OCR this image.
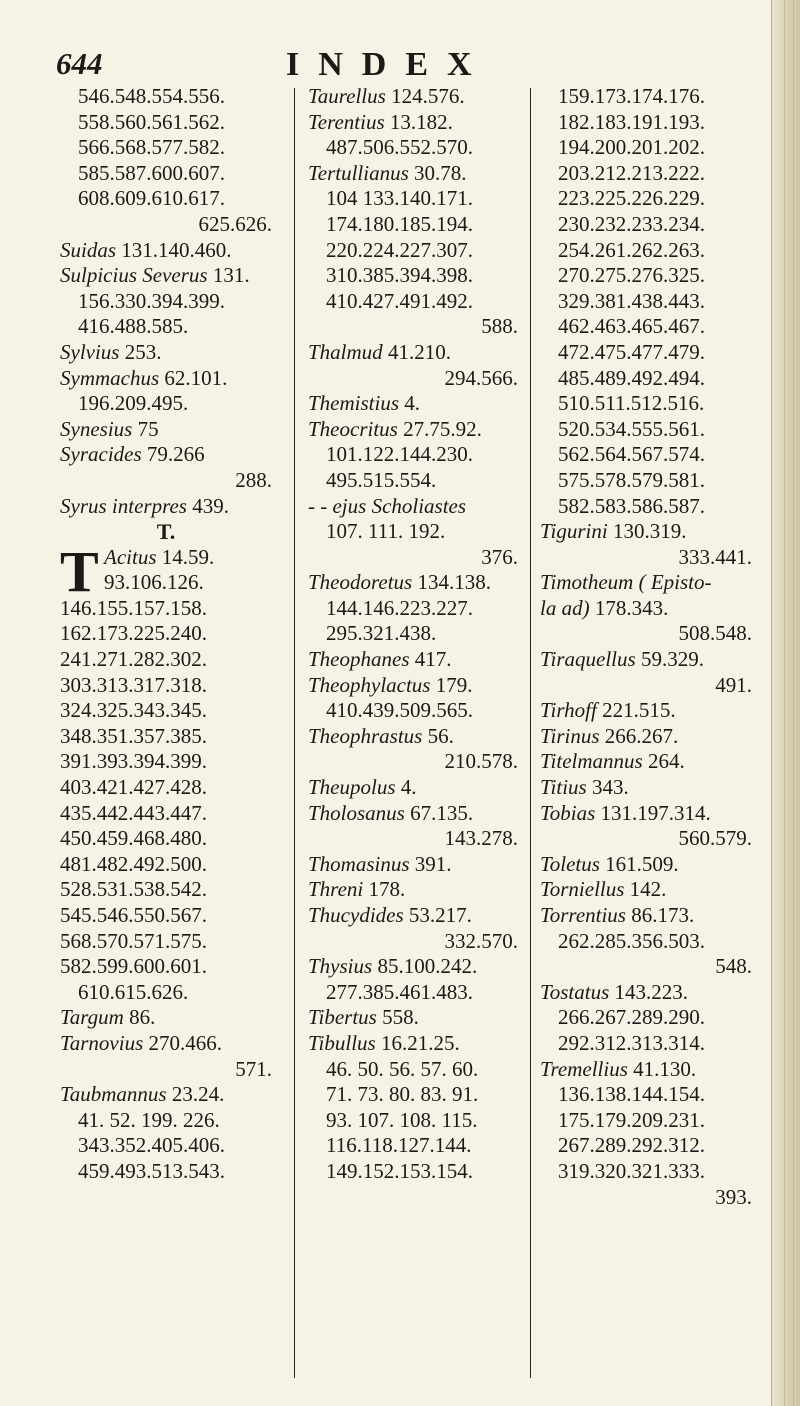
644	INDEX
546.548.554.556.
558.560.561.562.
566.568.577.582.
585.587.600.607.
608.609.610.617.
625.626.
Suidas 131.140.460.
Sulpicius Severus 131.
156.330.394.399.
416.488.585.
Sylvius 253.
Symmachus 62.101.
196.209.495.
Synesius 75
Syracides 79.266
288.
Syrus interpres 439.
T.
T Acitus 14.59.
93.106.126.
146.155.157.158.
162.173.225.240.
241.271.282.302.
303.313.317.318.
324.325.343.345.
348.351.357.385.
391.393.394.399.
403.421.427.428.
435.442.443.447.
450.459.468.480.
481.482.492.500.
528.531.538.542.
545.546.550.567.
568.570.571.575.
582.599.600.601.
610.615.626.
Targum 86.
Tarnovius 270.466.
571.
Taubmannus 23.24.
41. 52. 199. 226.
343.352.405.406.
459.493.513.543.
Taurellus 124.576.
Terentius 13.182.
487.506.552.570.
Tertullianus 30.78.
104 133.140.171.
174.180.185.194.
220.224.227.307.
310.385.394.398.
410.427.491.492.
588.
Thalmud 41.210.
294.566.
Themistius 4.
Theocritus 27.75.92.
101.122.144.230.
495.515.554.
- - ejus Scholiastes
107. 111. 192.
376.
Theodoretus 134.138.
144.146.223.227.
295.321.438.
Theophanes 417.
Theophylactus 179.
410.439.509.565.
Theophrastus 56.
210.578.
Theupolus 4.
Tholosanus 67.135.
143.278.
Thomasinus 391.
Threni 178.
Thucydides 53.217.
332.570.
Thysius 85.100.242.
277.385.461.483.
Tibertus 558.
Tibullus 16.21.25.
46. 50. 56. 57. 60.
71. 73. 80. 83. 91.
93. 107. 108. 115.
116.118.127.144.
149.152.153.154.
159.173.174.176.
182.183.191.193.
194.200.201.202.
203.212.213.222.
223.225.226.229.
230.232.233.234.
254.261.262.263.
270.275.276.325.
329.381.438.443.
462.463.465.467.
472.475.477.479.
485.489.492.494.
510.511.512.516.
520.534.555.561.
562.564.567.574.
575.578.579.581.
582.583.586.587.
Tigurini 130.319.
333.441.
Timotheum ( Episto-
la ad) 178.343.
508.548.
Tiraquellus 59.329.
491.
Tirhoff 221.515.
Tirinus 266.267.
Titelmannus 264.
Titius 343.
Tobias 131.197.314.
560.579.
Toletus 161.509.
Torniellus 142.
Torrentius 86.173.
262.285.356.503.
548.
Tostatus 143.223.
266.267.289.290.
292.312.313.314.
Tremellius 41.130.
136.138.144.154.
175.179.209.231.
267.289.292.312.
319.320.321.333.
393.
